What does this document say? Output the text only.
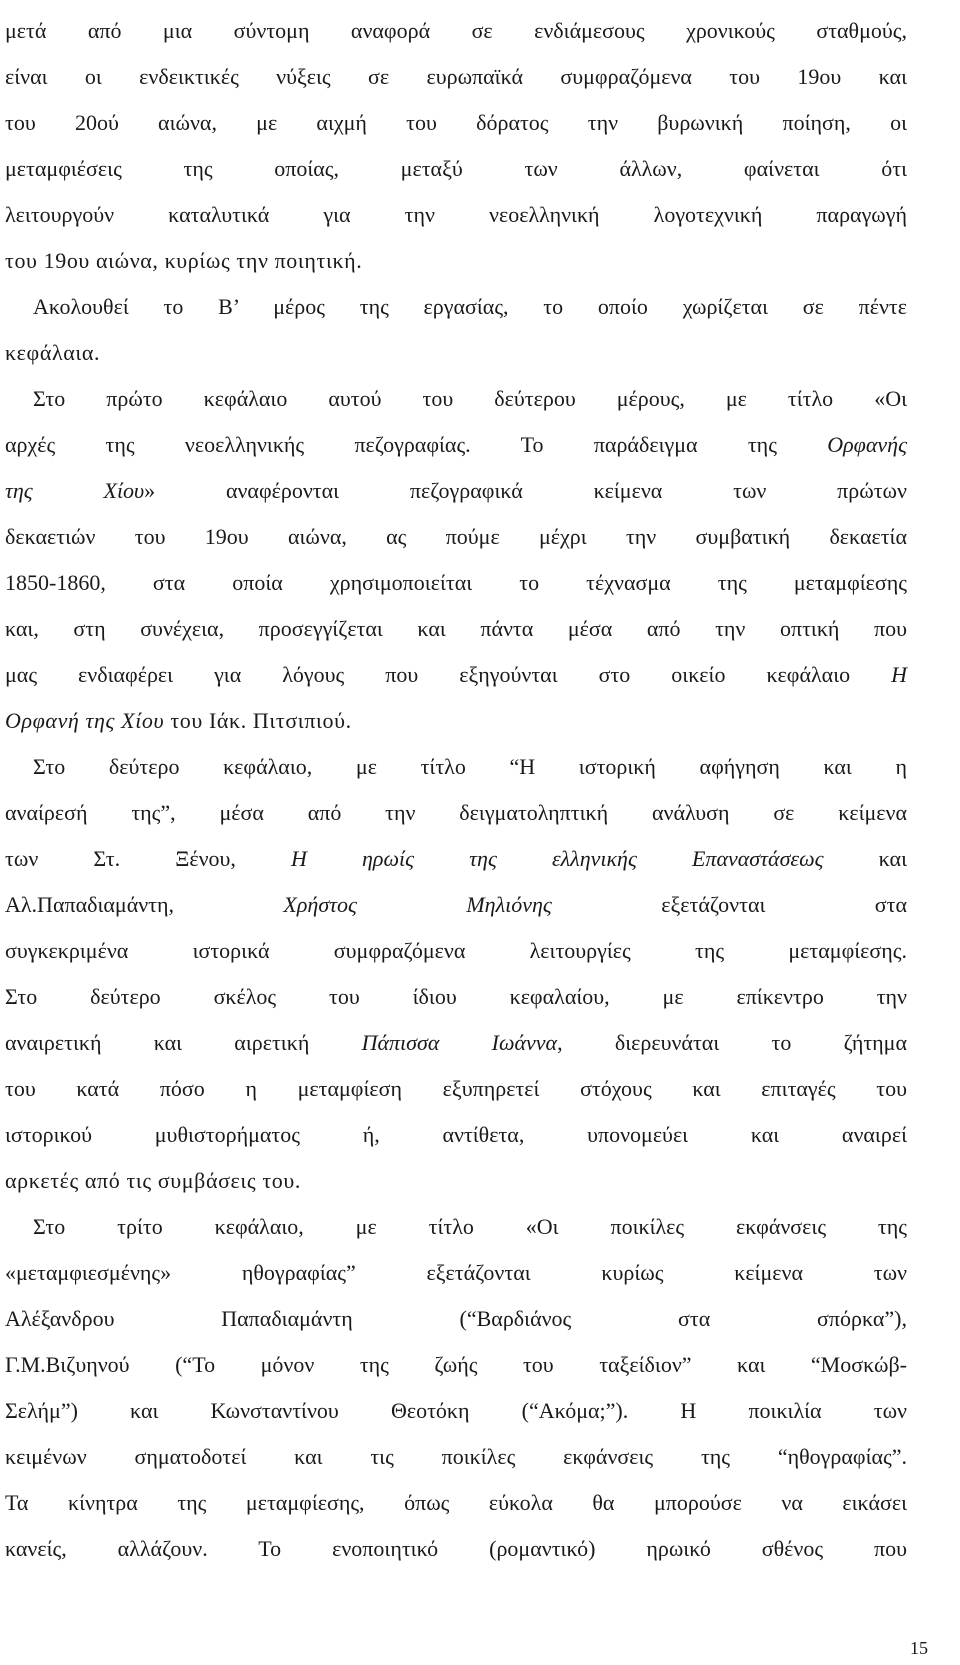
μετά από μια σύντομη αναφορά σε ενδιάμεσους χρονικούς σταθμούς,
είναι οι ενδεικτικές νύξεις σε ευρωπαϊκά συμφραζόμενα του 19ου και
του 20ού αιώνα, με αιχμή του δόρατος την βυρωνική ποίηση, οι
μεταμφιέσεις της οποίας, μεταξύ των άλλων, φαίνεται ότι
λειτουργούν καταλυτικά για την νεοελληνική λογοτεχνική παραγωγή
του 19ου αιώνα, κυρίως την ποιητική.
Ακολουθεί το Β’ μέρος της εργασίας, το οποίο χωρίζεται σε πέντε
κεφάλαια.
Στο πρώτο κεφάλαιο αυτού του δεύτερου μέρους, με τίτλο «Οι
αρχές της νεοελληνικής πεζογραφίας. Το παράδειγμα της Ορφανής
της Χίου» αναφέρονται πεζογραφικά κείμενα των πρώτων
δεκαετιών του 19ου αιώνα, ας πούμε μέχρι την συμβατική δεκαετία
1850-1860, στα οποία χρησιμοποιείται το τέχνασμα της μεταμφίεσης
και, στη συνέχεια, προσεγγίζεται και πάντα μέσα από την οπτική που
μας ενδιαφέρει για λόγους που εξηγούνται στο οικείο κεφάλαιο Η
Ορφανή της Χίου του Ιάκ. Πιτσιπιού.
Στο δεύτερο κεφάλαιο, με τίτλο “Η ιστορική αφήγηση και η
αναίρεσή της”, μέσα από την δειγματοληπτική ανάλυση σε κείμενα
των Στ. Ξένου, Η ηρωίς της ελληνικής Επαναστάσεως και
Αλ.Παπαδιαμάντη, Χρήστος Μηλιόνης εξετάζονται στα
συγκεκριμένα ιστορικά συμφραζόμενα λειτουργίες της μεταμφίεσης.
Στο δεύτερο σκέλος του ίδιου κεφαλαίου, με επίκεντρο την
αναιρετική και αιρετική Πάπισσα Ιωάννα, διερευνάται το ζήτημα
του κατά πόσο η μεταμφίεση εξυπηρετεί στόχους και επιταγές του
ιστορικού μυθιστορήματος ή, αντίθετα, υπονομεύει και αναιρεί
αρκετές από τις συμβάσεις του.
Στο τρίτο κεφάλαιο, με τίτλο «Οι ποικίλες εκφάνσεις της
«μεταμφιεσμένης» ηθογραφίας” εξετάζονται κυρίως κείμενα των
Αλέξανδρου Παπαδιαμάντη (“Βαρδιάνος στα σπόρκα”),
Γ.Μ.Βιζυηνού (“Το μόνον της ζωής του ταξείδιον” και “Μοσκώβ-
Σελήμ”) και Κωνσταντίνου Θεοτόκη (“Ακόμα;”). Η ποικιλία των
κειμένων σηματοδοτεί και τις ποικίλες εκφάνσεις της “ηθογραφίας”.
Τα κίνητρα της μεταμφίεσης, όπως εύκολα θα μπορούσε να εικάσει
κανείς, αλλάζουν. Το ενοποιητικό (ρομαντικό) ηρωικό σθένος που
15
